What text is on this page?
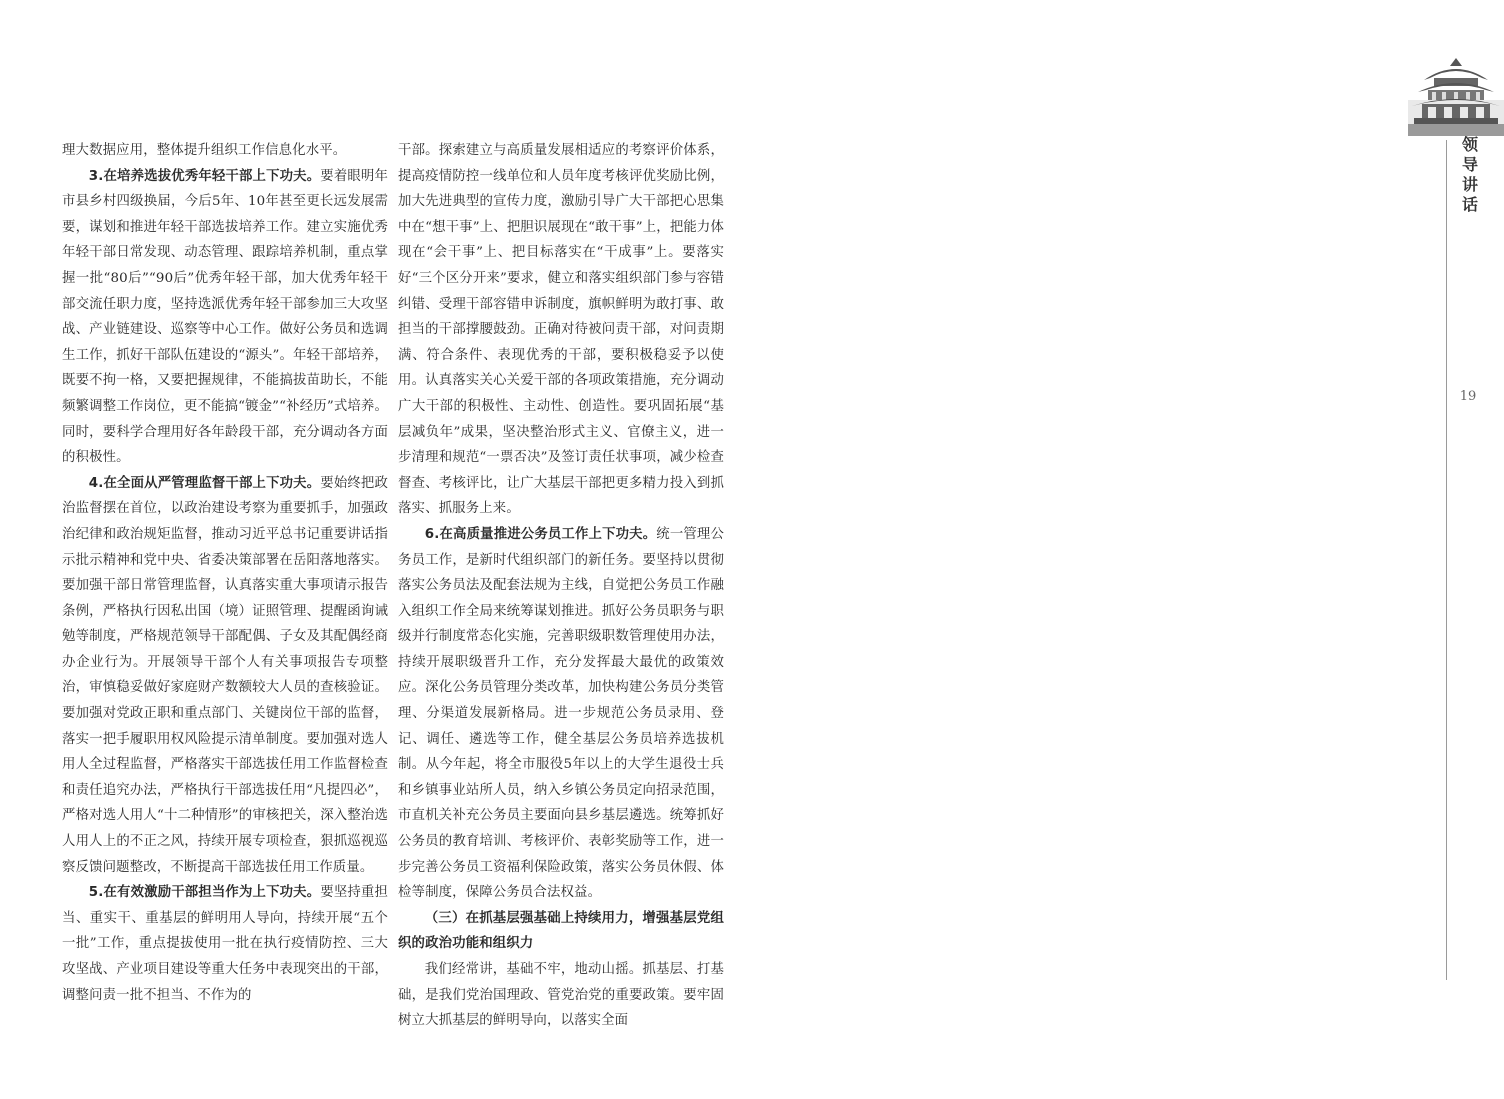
领导讲话
19

理大数据应用，整体提升组织工作信息化水平。

3.在培养选拔优秀年轻干部上下功夫。要着眼明年市县乡村四级换届，今后5年、10年甚至更长远发展需要，谋划和推进年轻干部选拔培养工作。建立实施优秀年轻干部日常发现、动态管理、跟踪培养机制，重点掌握一批“80后”“90后”优秀年轻干部，加大优秀年轻干部交流任职力度，坚持选派优秀年轻干部参加三大攻坚战、产业链建设、巡察等中心工作。做好公务员和选调生工作，抓好干部队伍建设的“源头”。年轻干部培养，既要不拘一格，又要把握规律，不能搞拔苗助长，不能频繁调整工作岗位，更不能搞“镀金”“补经历”式培养。同时，要科学合理用好各年龄段干部，充分调动各方面的积极性。

4.在全面从严管理监督干部上下功夫。要始终把政治监督摆在首位，以政治建设考察为重要抓手，加强政治纪律和政治规矩监督，推动习近平总书记重要讲话指示批示精神和党中央、省委决策部署在岳阳落地落实。要加强干部日常管理监督，认真落实重大事项请示报告条例，严格执行因私出国（境）证照管理、提醒函询诫勉等制度，严格规范领导干部配偶、子女及其配偶经商办企业行为。开展领导干部个人有关事项报告专项整治，审慎稳妥做好家庭财产数额较大人员的查核验证。要加强对党政正职和重点部门、关键岗位干部的监督，落实一把手履职用权风险提示清单制度。要加强对选人用人全过程监督，严格落实干部选拔任用工作监督检查和责任追究办法，严格执行干部选拔任用“凡提四必”，严格对选人用人“十二种情形”的审核把关，深入整治选人用人上的不正之风，持续开展专项检查，狠抓巡视巡察反馈问题整改，不断提高干部选拔任用工作质量。

5.在有效激励干部担当作为上下功夫。要坚持重担当、重实干、重基层的鲜明用人导向，持续开展“五个一批”工作，重点提拔使用一批在执行疫情防控、三大攻坚战、产业项目建设等重大任务中表现突出的干部，调整问责一批不担当、不作为的

干部。探索建立与高质量发展相适应的考察评价体系，提高疫情防控一线单位和人员年度考核评优奖励比例，加大先进典型的宣传力度，激励引导广大干部把心思集中在“想干事”上、把胆识展现在“敢干事”上，把能力体现在“会干事”上、把目标落实在“干成事”上。要落实好“三个区分开来”要求，健立和落实组织部门参与容错纠错、受理干部容错申诉制度，旗帜鲜明为敢打事、敢担当的干部撑腰鼓劲。正确对待被问责干部，对问责期满、符合条件、表现优秀的干部，要积极稳妥予以使用。认真落实关心关爱干部的各项政策措施，充分调动广大干部的积极性、主动性、创造性。要巩固拓展“基层减负年”成果，坚决整治形式主义、官僚主义，进一步清理和规范“一票否决”及签订责任状事项，减少检查督查、考核评比，让广大基层干部把更多精力投入到抓落实、抓服务上来。

6.在高质量推进公务员工作上下功夫。统一管理公务员工作，是新时代组织部门的新任务。要坚持以贯彻落实公务员法及配套法规为主线，自觉把公务员工作融入组织工作全局来统筹谋划推进。抓好公务员职务与职级并行制度常态化实施，完善职级职数管理使用办法，持续开展职级晋升工作，充分发挥最大最优的政策效应。深化公务员管理分类改革，加快构建公务员分类管理、分渠道发展新格局。进一步规范公务员录用、登记、调任、遴选等工作，健全基层公务员培养选拔机制。从今年起，将全市服役5年以上的大学生退役士兵和乡镇事业站所人员，纳入乡镇公务员定向招录范围，市直机关补充公务员主要面向县乡基层遴选。统筹抓好公务员的教育培训、考核评价、表彰奖励等工作，进一步完善公务员工资福利保险政策，落实公务员休假、体检等制度，保障公务员合法权益。

（三）在抓基层强基础上持续用力，增强基层党组织的政治功能和组织力

我们经常讲，基础不牢，地动山摇。抓基层、打基础，是我们党治国理政、管党治党的重要政策。要牢固树立大抓基层的鲜明导向，以落实全面
